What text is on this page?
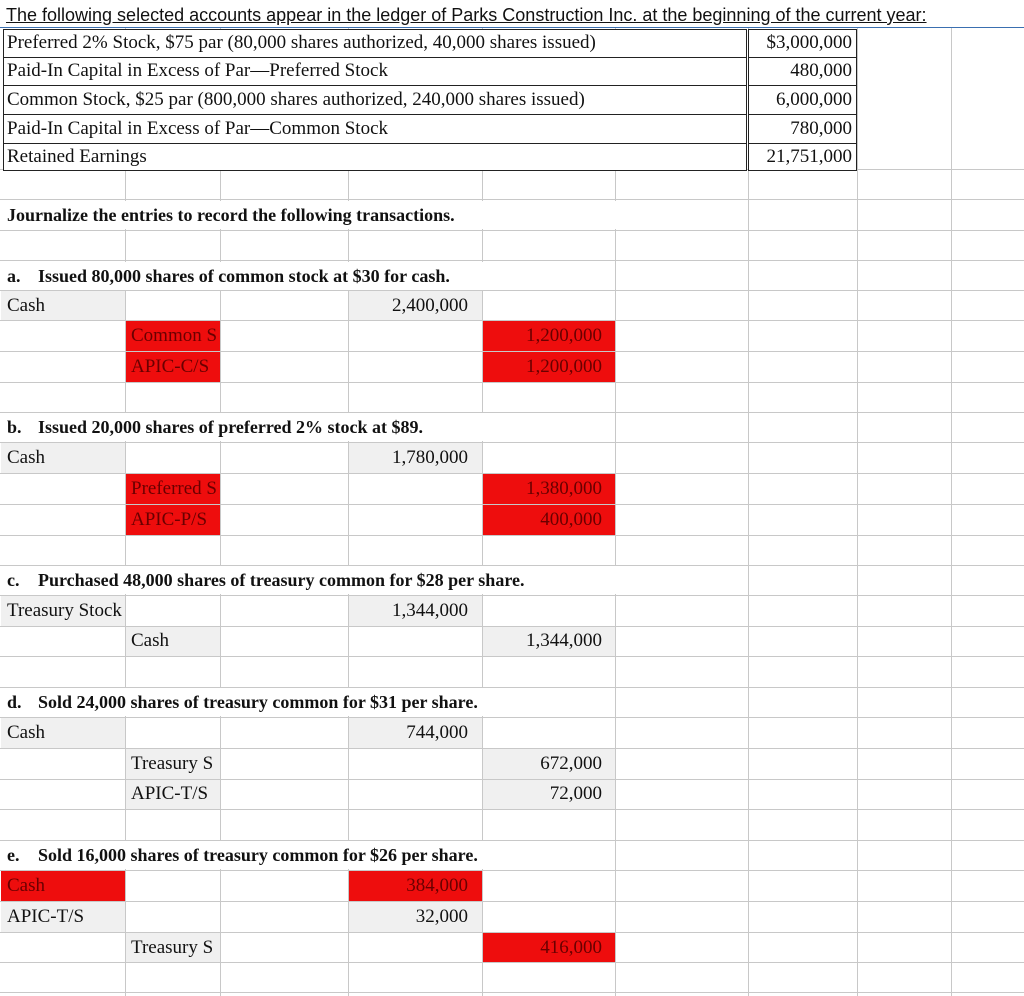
The following selected accounts appear in the ledger of Parks Construction Inc. at the beginning of the current year:
Preferred 2% Stock, $75 par (80,000 shares authorized, 40,000 shares issued)	$3,000,000
Paid-In Capital in Excess of Par—Preferred Stock	480,000
Common Stock, $25 par (800,000 shares authorized, 240,000 shares issued)	6,000,000
Paid-In Capital in Excess of Par—Common Stock	780,000
Retained Earnings	21,751,000
Journalize the entries to record the following transactions.
a. Issued 80,000 shares of common stock at $30 for cash.
Cash	2,400,000
Common S	1,200,000
APIC-C/S	1,200,000
b. Issued 20,000 shares of preferred 2% stock at $89.
Cash	1,780,000
Preferred S	1,380,000
APIC-P/S	400,000
c.	Purchased 48,000 shares of treasury common for $28 per share.
Treasury Stock	1,344,000
Cash	1,344,000
d. Sold 24,000 shares of treasury common for $31 per share.
Cash	744,000
Treasury S	672,000
APIC-T/S	72,000
e.	Sold 16,000 shares of treasury common for $26 per share.
Cash	384,000
APIC-T/S	32,000
Treasury S	416,000
